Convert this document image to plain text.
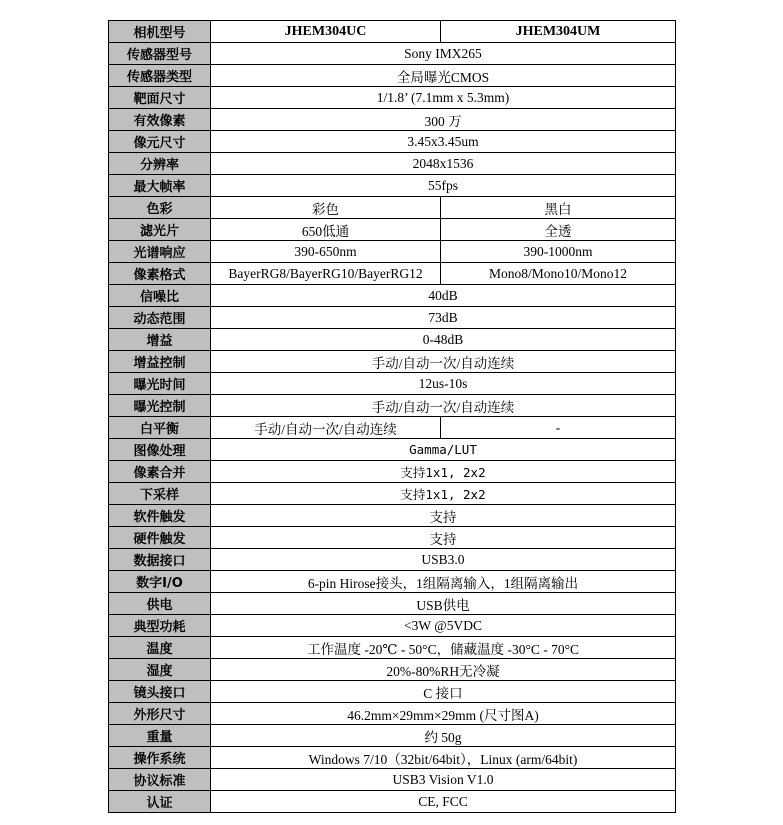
相机型号	JHEM304UC	JHEM304UM
传感器型号	Sony IMX265	
传感器类型	全局曝光CMOS	
靶面尺寸	1/1.8’ (7.1mm x 5.3mm)	
有效像素	300 万	
像元尺寸	3.45x3.45um	
分辨率	2048x1536	
最大帧率	55fps	
色彩	彩色	黑白
滤光片	650低通	全透
光谱响应	390-650nm	390-1000nm
像素格式	BayerRG8/BayerRG10/BayerRG12	Mono8/Mono10/Mono12
信噪比	40dB	
动态范围	73dB	
增益	0-48dB	
增益控制	手动/自动一次/自动连续	
曝光时间	12us-10s	
曝光控制	手动/自动一次/自动连续	
白平衡	手动/自动一次/自动连续	-
图像处理	Gamma/LUT	
像素合并	支持1x1, 2x2	
下采样	支持1x1, 2x2	
软件触发	支持	
硬件触发	支持	
数据接口	USB3.0	
数字I/O	6-pin Hirose接头，1组隔离输入，1组隔离输出	
供电	USB供电	
典型功耗	<3W @5VDC	
温度	工作温度 -20℃ - 50°C，储藏温度 -30°C - 70°C	
湿度	20%-80%RH无冷凝	
镜头接口	C 接口	
外形尺寸	46.2mm×29mm×29mm (尺寸图A)	
重量	约 50g	
操作系统	Windows 7/10（32bit/64bit），Linux (arm/64bit)	
协议标准	USB3 Vision V1.0	
认证	CE, FCC	
